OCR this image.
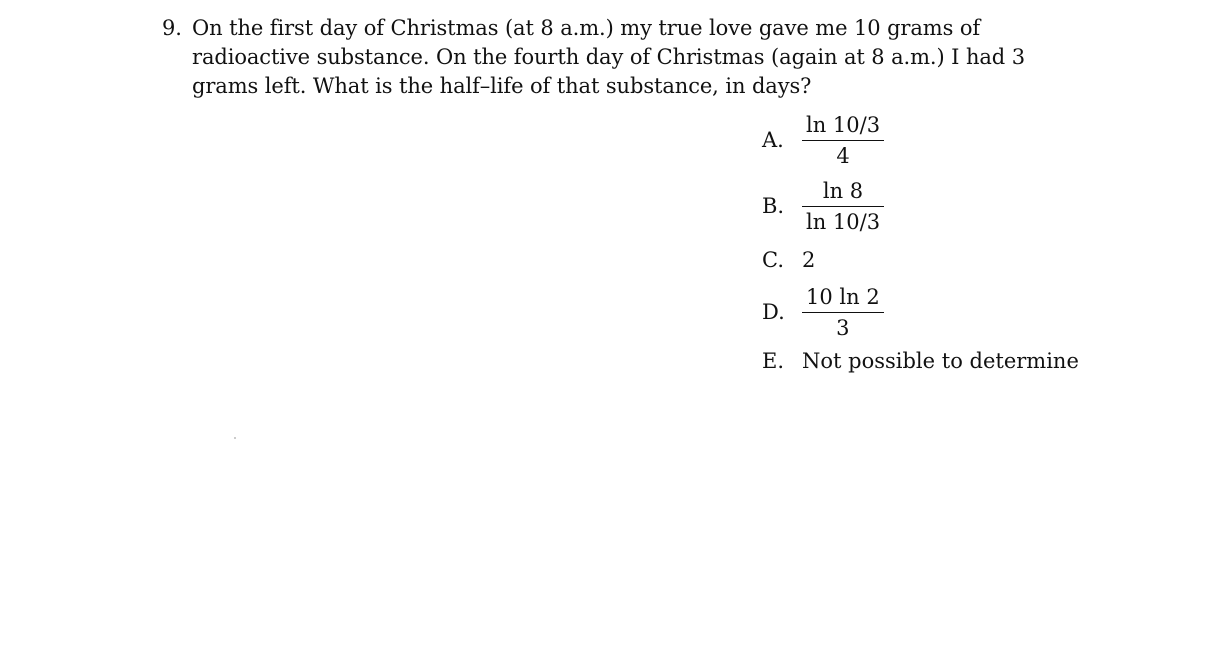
9. On the first day of Christmas (at 8 a.m.) my true love gave me 10 grams of radioactive substance. On the fourth day of Christmas (again at 8 a.m.) I had 3 grams left. What is the half–life of that substance, in days?
A. $\frac{\ln 10/3}{4}$
B. $\frac{\ln 8}{\ln 10/3}$
C. 2
D. $\frac{10 \ln 2}{3}$
E. Not possible to determine
